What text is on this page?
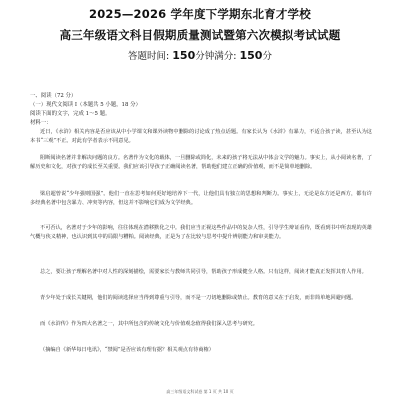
2025—2026 学年度下学期东北育才学校
高三年级语文科目假期质量测试暨第六次模拟考试试题
答题时间: 150分钟满分: 150分
一、阅读（72 分）
（一）现代文阅读 I（本题共 5 小题，18 分）
阅读下面的文字，完成 1～5 题。
材料一：
近日，《水浒》相关内容是否应该从中小学课文和课外读物中删除的讨论成了热点话题。有家长认为《水浒》有暴力，不适合孩子读，甚至认为这本书“三观”不正。对此有学者表示不同意见。
阻断阅读名著并非解决问题的良方。名著作为文化的载体，一旦删除或简化，未来的孩子将无法从中体会文学的魅力。事实上，从小阅读名著，了解历史和文化，对孩子的成长至关重要。我们应该引导孩子正确阅读名著，帮助他们建立正确的价值观，而不是简单地删除。
梁启超曾说“少年强则国强”。他们一直在思考如何更好地培养下一代，让他们具有独立的思想和判断力。事实上，无论是东方还是西方，都有许多经典名著中包含暴力、冲突等内容，但这并不影响它们成为文学经典。
不可否认，名著对于少年的影响，往往体现在潜移默化之中。我们应当正视这些作品中的复杂人性，引导学生辩证看待，既看到书中所表现的英雄气概与侠义精神，也认识到其中的局限与糟粕。阅读经典，正是为了在比较与思考中提升辨别能力和审美能力。
总之，要让孩子理解名著中对人性的深刻描绘，需要家长与教师共同引导，帮助孩子形成健全人格。只有这样，阅读才能真正发挥其育人作用。
青少年处于成长关键期，他们的阅读选择应当得到尊重与引导，而不是一刀切地删除或禁止。教育的意义在于启发，而非简单地回避问题。
而《水浒传》作为四大名著之一，其中所包含的传统文化与价值观念值得我们深入思考与研究。
（摘编自《新华每日电讯》，“禁阅”是否应该有理有据？相关观点有待商榷）
高三年级语文科试卷 第 1 页 共 10 页
